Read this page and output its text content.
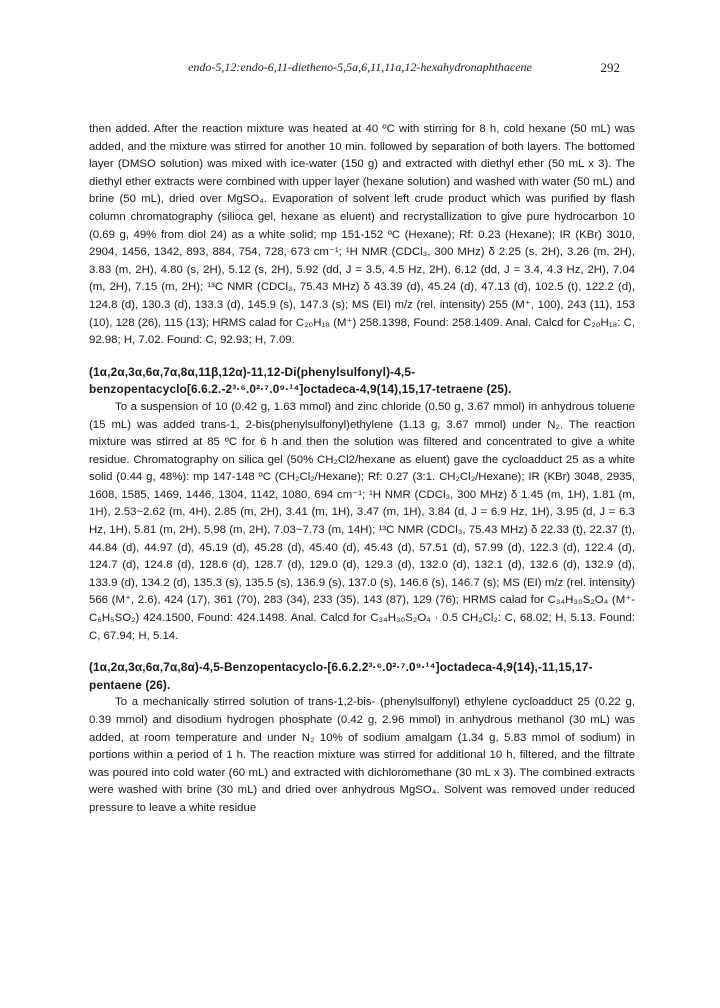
endo-5,12:endo-6,11-dietheno-5,5a,6,11,11a,12-hexahydronaphthacene	292

then added. After the reaction mixture was heated at 40 ºC with stirring for 8 h, cold hexane (50 mL) was added, and the mixture was stirred for another 10 min. followed by separation of both layers. The bottomed layer (DMSO solution) was mixed with ice-water (150 g) and extracted with diethyl ether (50 mL x 3). The diethyl ether extracts were combined with upper layer (hexane solution) and washed with water (50 mL) and brine (50 mL), dried over MgSO₄. Evaporation of solvent left crude product which was purified by flash column chromatography (silioca gel, hexane as eluent) and recrystallization to give pure hydrocarbon 10 (0.69 g, 49% from diol 24) as a white solid; mp 151-152 ºC (Hexane); Rf: 0.23 (Hexane); IR (KBr) 3010, 2904, 1456, 1342, 893, 884, 754, 728, 673 cm⁻¹; ¹H NMR (CDCl₃, 300 MHz) δ 2.25 (s, 2H), 3.26 (m, 2H), 3.83 (m, 2H), 4.80 (s, 2H), 5.12 (s, 2H), 5.92 (dd, J = 3.5, 4.5 Hz, 2H), 6.12 (dd, J = 3.4, 4.3 Hz, 2H), 7.04 (m, 2H), 7.15 (m, 2H); ¹³C NMR (CDCl₃, 75.43 MHz) δ 43.39 (d), 45.24 (d), 47.13 (d), 102.5 (t), 122.2 (d), 124.8 (d), 130.3 (d), 133.3 (d), 145.9 (s), 147.3 (s); MS (EI) m/z (rel. intensity) 255 (M⁺, 100), 243 (11), 153 (10), 128 (26), 115 (13); HRMS calad for C₂₀H₁₈ (M⁺) 258.1398, Found: 258.1409. Anal. Calcd for C₂₀H₁₈: C, 92.98; H, 7.02. Found: C, 92.93; H, 7.09.

(1α,2α,3α,6α,7α,8α,11β,12α)-11,12-Di(phenylsulfonyl)-4,5-benzopentacyclo[6.6.2.-2³·⁶.0²·⁷.0⁹·¹⁴]octadeca-4,9(14),15,17-tetraene (25).

To a suspension of 10 (0.42 g, 1.63 mmol) and zinc chloride (0.50 g, 3.67 mmol) in anhydrous toluene (15 mL) was added trans-1, 2-bis(phenylsulfonyl)ethylene (1.13 g, 3.67 mmol) under N₂. The reaction mixture was stirred at 85 ºC for 6 h and then the solution was filtered and concentrated to give a white residue. Chromatography on silica gel (50% CH₂Cl2/hexane as eluent) gave the cycloadduct 25 as a white solid (0.44 g, 48%): mp 147-148 ºC (CH₂Cl₂/Hexane); Rf: 0.27 (3:1. CH₂Cl₂/Hexane); IR (KBr) 3048, 2935, 1608, 1585, 1469, 1446, 1304, 1142, 1080, 694 cm⁻¹; ¹H NMR (CDCl₃, 300 MHz) δ 1.45 (m, 1H), 1.81 (m, 1H), 2.53~2.62 (m, 4H), 2.85 (m, 2H), 3.41 (m, 1H), 3.47 (m, 1H), 3.84 (d, J = 6.9 Hz, 1H), 3.95 (d, J = 6.3 Hz, 1H), 5.81 (m, 2H), 5.98 (m, 2H), 7.03~7.73 (m, 14H); ¹³C NMR (CDCl₃, 75.43 MHz) δ 22.33 (t), 22.37 (t), 44.84 (d), 44.97 (d), 45.19 (d), 45.28 (d), 45.40 (d), 45.43 (d), 57.51 (d), 57.99 (d), 122.3 (d), 122.4 (d), 124.7 (d), 124.8 (d), 128.6 (d), 128.7 (d), 129.0 (d), 129.3 (d), 132.0 (d), 132.1 (d), 132.6 (d), 132.9 (d), 133.9 (d), 134.2 (d), 135.3 (s), 135.5 (s), 136.9 (s), 137.0 (s), 146.6 (s), 146.7 (s); MS (EI) m/z (rel. intensity) 566 (M⁺, 2.6), 424 (17), 361 (70), 283 (34), 233 (35), 143 (87), 129 (76); HRMS calad for C₃₄H₃₀S₂O₄ (M⁺-C₆H₅SO₂) 424.1500, Found: 424.1498. Anal. Calcd for C₃₄H₃₀S₂O₄ · 0.5 CH₂Cl₂: C, 68.02; H, 5.13. Found: C, 67.94; H, 5.14.

(1α,2α,3α,6α,7α,8α)-4,5-Benzopentacyclo-[6.6.2.2³·⁶.0²·⁷.0⁹·¹⁴]octadeca-4,9(14),-11,15,17-pentaene (26).

To a mechanically stirred solution of trans-1,2-bis- (phenylsulfonyl) ethylene cycloadduct 25 (0.22 g, 0.39 mmol) and disodium hydrogen phosphate (0.42 g, 2.96 mmol) in anhydrous methanol (30 mL) was added, at room temperature and under N₂ 10% of sodium amalgam (1.34 g, 5.83 mmol of sodium) in portions within a period of 1 h. The reaction mixture was stirred for additional 10 h, filtered, and the filtrate was poured into cold water (60 mL) and extracted with dichloromethane (30 mL x 3). The combined extracts were washed with brine (30 mL) and dried over anhydrous MgSO₄. Solvent was removed under reduced pressure to leave a white residue
